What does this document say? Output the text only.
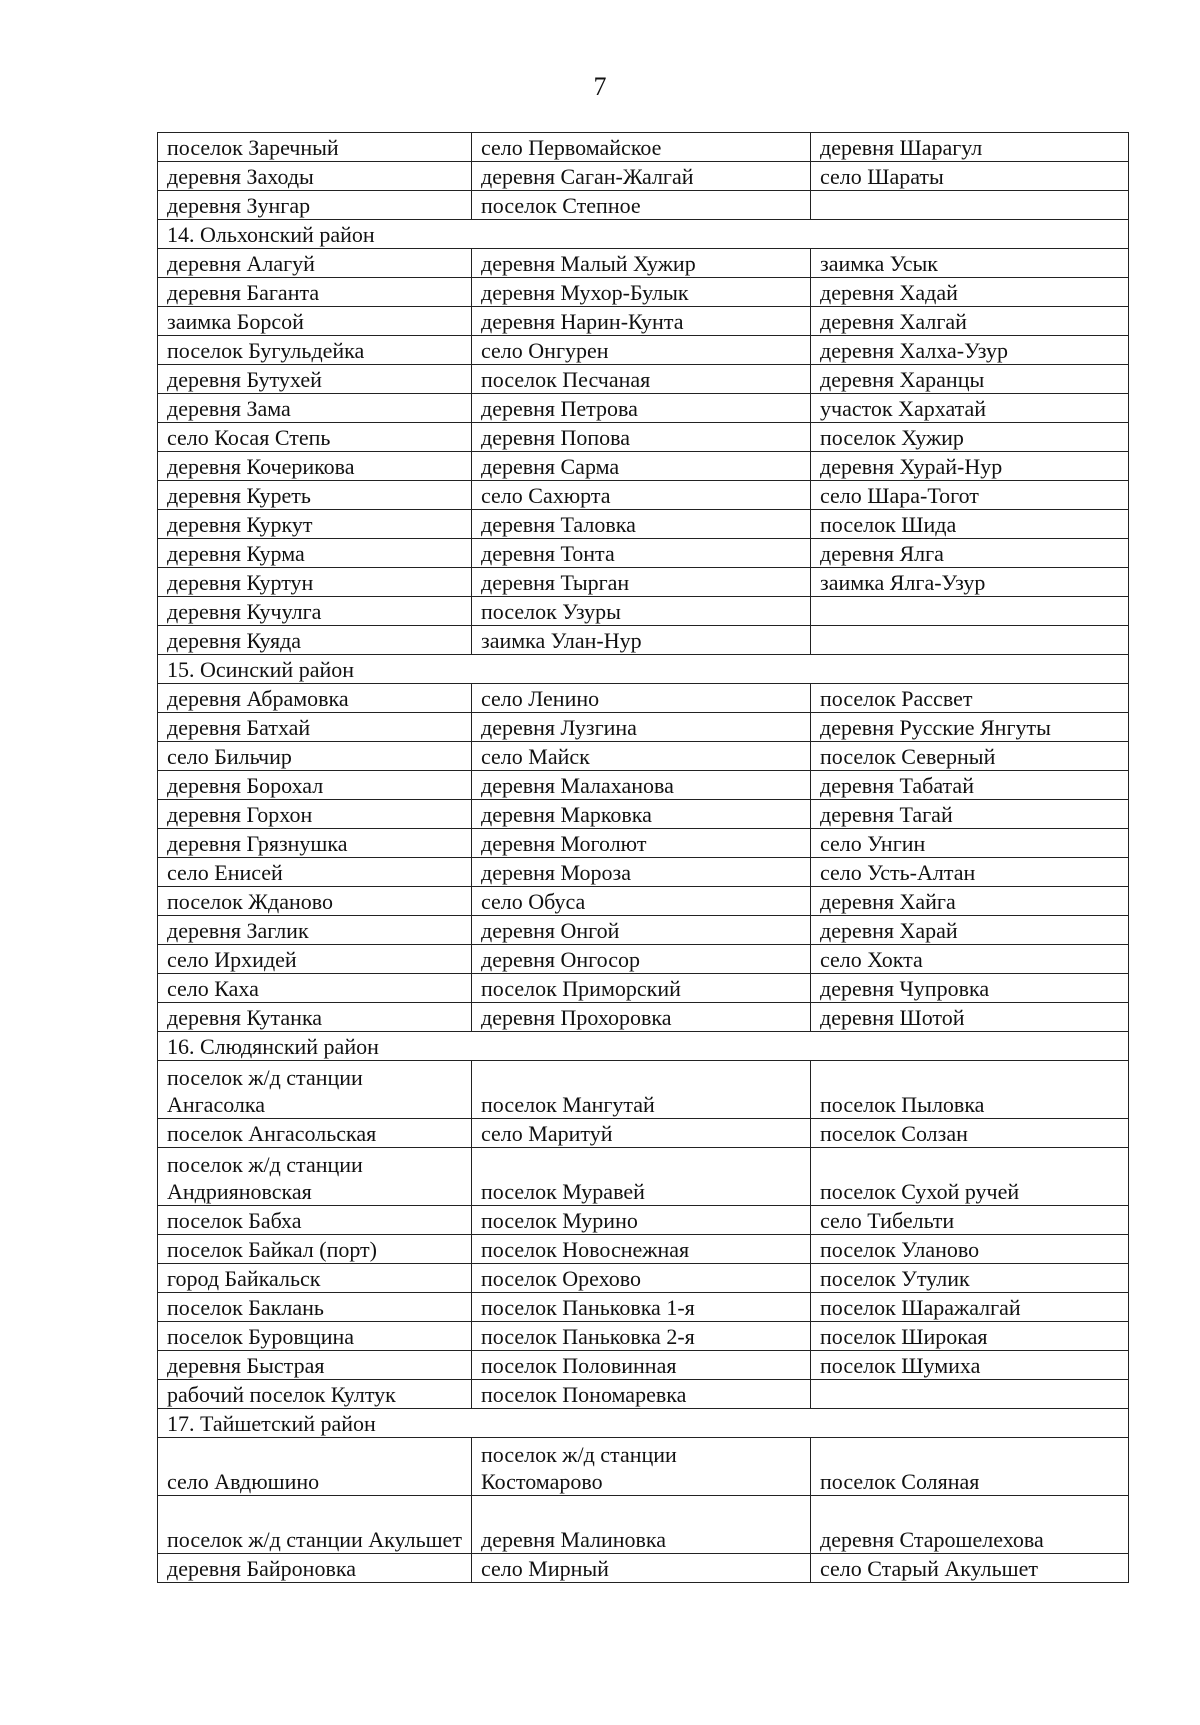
7
поселок Заречный	село Первомайское	деревня Шарагул
деревня Заходы	деревня Саган-Жалгай	село Шараты
деревня Зунгар	поселок Степное	
14. Ольхонский район		
деревня Алагуй	деревня Малый Хужир	заимка Усык
деревня Баганта	деревня Мухор-Булык	деревня Хадай
заимка Борсой	деревня Нарин-Кунта	деревня Халгай
поселок Бугульдейка	село Онгурен	деревня Халха-Узур
деревня Бутухей	поселок Песчаная	деревня Харанцы
деревня Зама	деревня Петрова	участок Хархатай
село Косая Степь	деревня Попова	поселок Хужир
деревня Кочерикова	деревня Сарма	деревня Хурай-Нур
деревня Куреть	село Сахюрта	село Шара-Тогот
деревня Куркут	деревня Таловка	поселок Шида
деревня Курма	деревня Тонта	деревня Ялга
деревня Куртун	деревня Тырган	заимка Ялга-Узур
деревня Кучулга	поселок Узуры	
деревня Куяда	заимка Улан-Нур	
15. Осинский район		
деревня Абрамовка	село Ленино	поселок Рассвет
деревня Батхай	деревня Лузгина	деревня Русские Янгуты
село Бильчир	село Майск	поселок Северный
деревня Борохал	деревня Малаханова	деревня Табатай
деревня Горхон	деревня Марковка	деревня Тагай
деревня Грязнушка	деревня Моголют	село Унгин
село Енисей	деревня Мороза	село Усть-Алтан
поселок Жданово	село Обуса	деревня Хайга
деревня Заглик	деревня Онгой	деревня Харай
село Ирхидей	деревня Онгосор	село Хокта
село Каха	поселок Приморский	деревня Чупровка
деревня Кутанка	деревня Прохоровка	деревня Шотой
16. Слюдянский район		
поселок ж/д станции Ангасолка	поселок Мангутай	поселок Пыловка
поселок Ангасольская	село Маритуй	поселок Солзан
поселок ж/д станции Андрияновская	поселок Муравей	поселок Сухой ручей
поселок Бабха	поселок Мурино	село Тибельти
поселок Байкал (порт)	поселок Новоснежная	поселок Уланово
город Байкальск	поселок Орехово	поселок Утулик
поселок Баклань	поселок Паньковка 1-я	поселок Шаражалгай
поселок Буровщина	поселок Паньковка 2-я	поселок Широкая
деревня Быстрая	поселок Половинная	поселок Шумиха
рабочий поселок Култук	поселок Пономаревка	
17. Тайшетский район		
село Авдюшино	поселок ж/д станции Костомарово	поселок Соляная
поселок ж/д станции Акульшет	деревня Малиновка	деревня Старошелехова
деревня Байроновка	село Мирный	село Старый Акульшет
